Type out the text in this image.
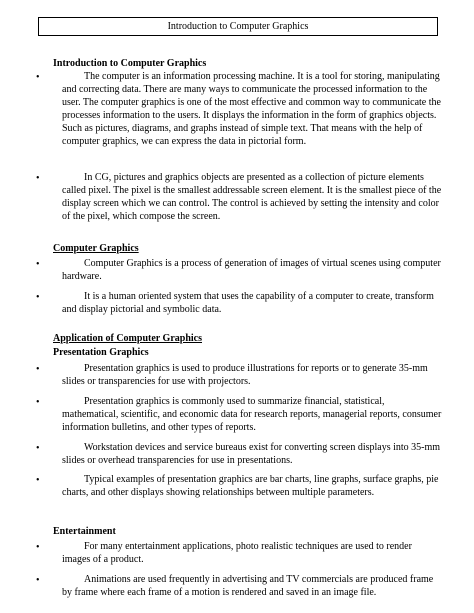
Introduction to Computer Graphics
Introduction to Computer Graphics
•	The computer is an information processing machine. It is a tool for storing, manipulating and correcting data. There are many ways to communicate the processed information to the user. The computer graphics is one of the most effective and common way to communicate the processes information to the users. It displays the information in the form of graphics objects. Such as pictures, diagrams, and graphs instead of simple text. That means with the help of computer graphics, we can express the data in pictorial form.
•	In CG, pictures and graphics objects are presented as a collection of picture elements called pixel. The pixel is the smallest addressable screen element. It is the smallest piece of the display screen which we can control. The control is achieved by setting the intensity and color of the pixel, which compose the screen.
Computer Graphics
•	Computer Graphics is a process of generation of images of virtual scenes using computer hardware.
•	It is a human oriented system that uses the capability of a computer to create, transform and display pictorial and symbolic data.
Application of Computer Graphics
Presentation Graphics
•	Presentation graphics is used to produce illustrations for reports or to generate 35-mm slides or transparencies for use with projectors.
•	Presentation graphics is commonly used to summarize financial, statistical, mathematical, scientific, and economic data for research reports, managerial reports, consumer information bulletins, and other types of reports.
•	Workstation devices and service bureaus exist for converting screen displays into 35-mm slides or overhead transparencies for use in presentations.
•	Typical examples of presentation graphics are bar charts, line graphs, surface graphs, pie charts, and other displays showing relationships between multiple parameters.
Entertainment
•	For many entertainment applications, photo realistic techniques are used to render images of a product.
•	Animations are used frequently in advertising and TV commercials are produced frame by frame where each frame of a motion is rendered and saved in an image file.
